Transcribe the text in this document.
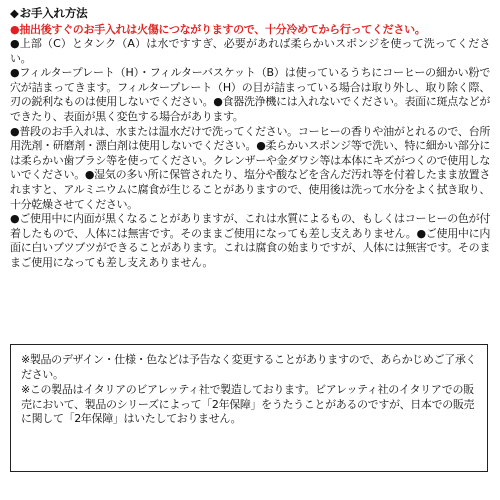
◆お手入れ方法
●抽出後すぐのお手入れは火傷につながりますので、十分冷めてから行ってください。

●上部（C）とタンク（A）は水ですすぎ、必要があれば柔らかいスポンジを使って洗ってください。

●フィルタープレート（H）・フィルターバスケット（B）は使っているうちにコーヒーの細かい粉で穴が詰まってきます。フィルタープレート（H）の目が詰まっている場合は取り外し、取り除く際、刃の鋭利なものは使用しないでください。●食器洗浄機には入れないでください。表面に斑点などができたり、表面が黒く変色する場合があります。

●普段のお手入れは、水または温水だけで洗ってください。コーヒーの香りや油がとれるので、台所用洗剤・研磨剤・漂白剤は使用しないでください。●柔らかいスポンジ等で洗い、特に細かい部分には柔らかい歯ブラシ等を使ってください。クレンザーや金ダワシ等は本体にキズがつくので使用しないでください。●湿気の多い所に保管されたり、塩分や酸などを含んだ汚れ等を付着したまま放置されますと、アルミニウムに腐食が生じることがありますので、使用後は洗って水分をよく拭き取り、十分乾燥させてください。

●ご使用中に内面が黒くなることがありますが、これは水質によるもの、もしくはコーヒーの色が付着したもので、人体には無害です。そのままご使用になっても差し支えありません。●ご使用中に内面に白いブツブツができることがあります。これは腐食の始まりですが、人体には無害です。そのままご使用になっても差し支えありません。

※製品のデザイン・仕様・色などは予告なく変更することがありますので、あらかじめご了承ください。

※この製品はイタリアのビアレッティ社で製造しております。ビアレッティ社のイタリアでの販売において、製品のシリーズによって「2年保障」をうたうことがあるのですが、日本での販売に関して「2年保障」はいたしておりません。
